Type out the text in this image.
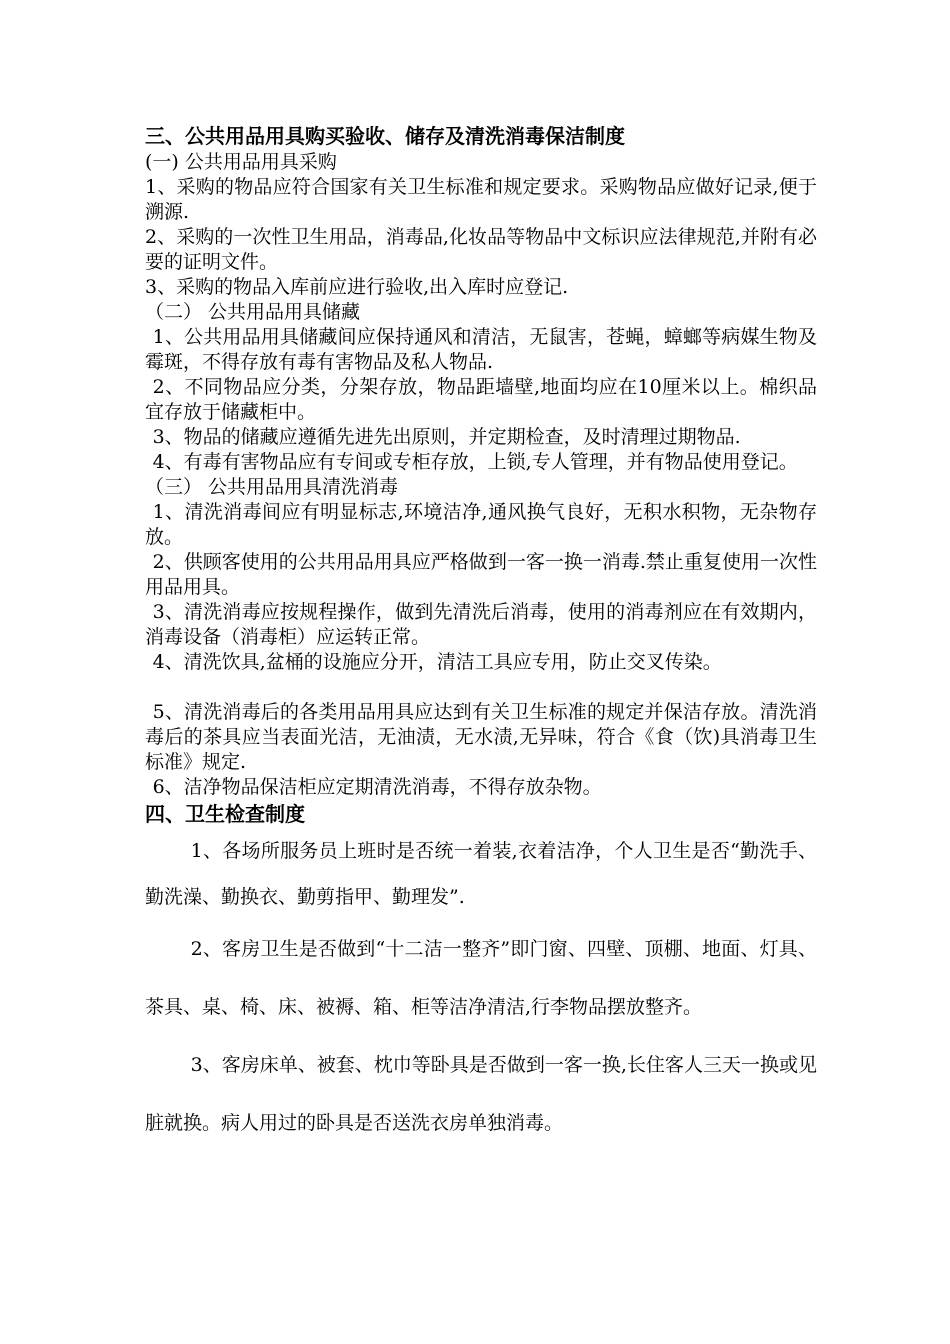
三、公共用品用具购买验收、储存及清洗消毒保洁制度

(一) 公共用品用具采购

1、采购的物品应符合国家有关卫生标准和规定要求。采购物品应做好记录,便于溯源.

2、采购的一次性卫生用品，消毒品,化妆品等物品中文标识应法律规范,并附有必要的证明文件。

3、采购的物品入库前应进行验收,出入库时应登记.

（二） 公共用品用具储藏

1、公共用品用具储藏间应保持通风和清洁，无鼠害，苍蝇，蟑螂等病媒生物及霉斑，不得存放有毒有害物品及私人物品.

2、不同物品应分类，分架存放，物品距墙壁,地面均应在10厘米以上。棉织品宜存放于储藏柜中。

3、物品的储藏应遵循先进先出原则，并定期检查，及时清理过期物品.

4、有毒有害物品应有专间或专柜存放，上锁,专人管理，并有物品使用登记。

（三） 公共用品用具清洗消毒

1、清洗消毒间应有明显标志,环境洁净,通风换气良好，无积水积物，无杂物存放。

2、供顾客使用的公共用品用具应严格做到一客一换一消毒.禁止重复使用一次性用品用具。

3、清洗消毒应按规程操作，做到先清洗后消毒，使用的消毒剂应在有效期内，消毒设备（消毒柜）应运转正常。

4、清洗饮具,盆桶的设施应分开，清洁工具应专用，防止交叉传染。

5、清洗消毒后的各类用品用具应达到有关卫生标准的规定并保洁存放。清洗消毒后的茶具应当表面光洁，无油渍，无水渍,无异味，符合《食（饮)具消毒卫生标准》规定.

6、洁净物品保洁柜应定期清洗消毒，不得存放杂物。

四、卫生检查制度

1、各场所服务员上班时是否统一着装,衣着洁净，个人卫生是否“勤洗手、勤洗澡、勤换衣、勤剪指甲、勤理发”.

2、客房卫生是否做到“十二洁一整齐”即门窗、四壁、顶棚、地面、灯具、茶具、桌、椅、床、被褥、箱、柜等洁净清洁,行李物品摆放整齐。

3、客房床单、被套、枕巾等卧具是否做到一客一换,长住客人三天一换或见脏就换。病人用过的卧具是否送洗衣房单独消毒。
